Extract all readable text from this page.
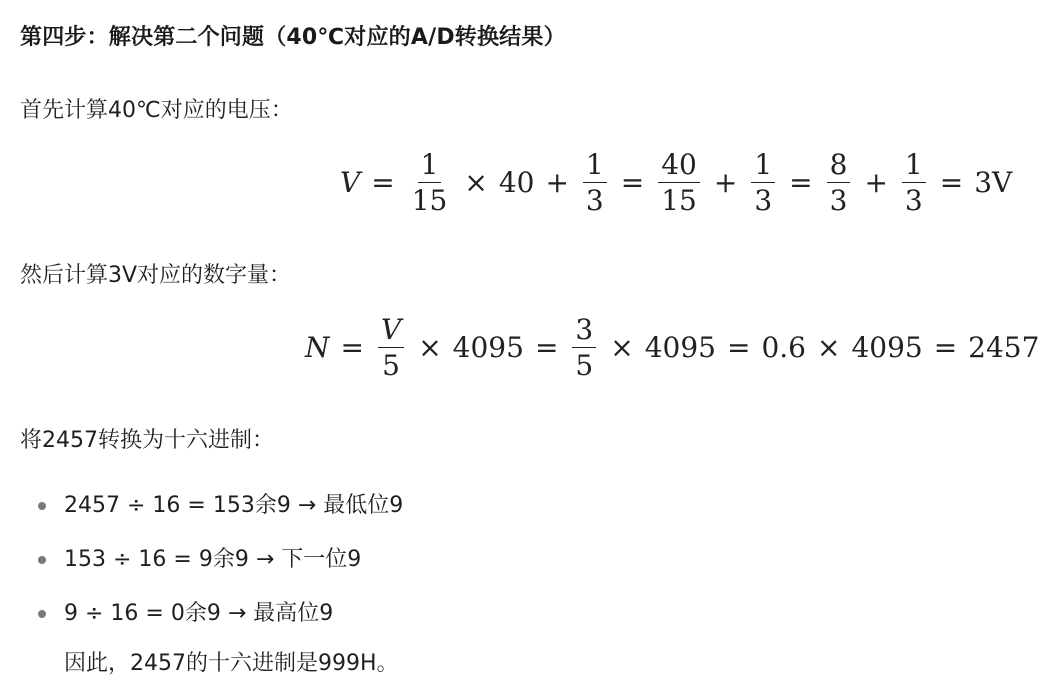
第四步：解决第二个问题（40℃对应的A/D转换结果）
首先计算40℃对应的电压：
$V = \frac{1}{15} \times 40 + \frac{1}{3} = \frac{40}{15} + \frac{1}{3} = \frac{8}{3} + \frac{1}{3} = 3V$
然后计算3V对应的数字量：
$N = \frac{V}{5} \times 4095 = \frac{3}{5} \times 4095 = 0.6 \times 4095 = 2457$
将2457转换为十六进制：
2457 ÷ 16 = 153余9 → 最低位9
153 ÷ 16 = 9余9 → 下一位9
9 ÷ 16 = 0余9 → 最高位9
因此，2457的十六进制是999H。
